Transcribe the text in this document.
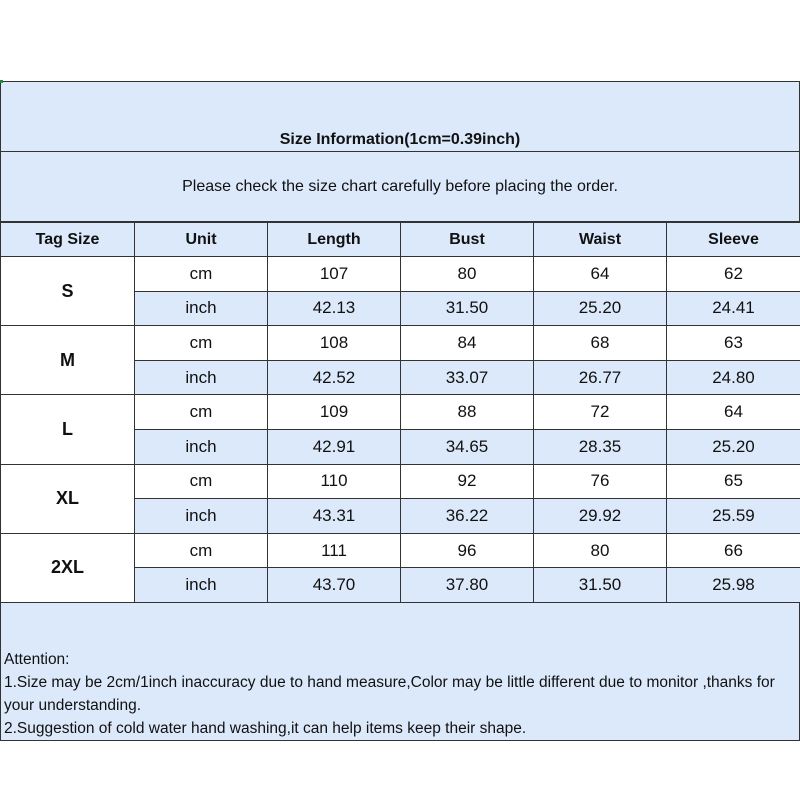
Size Information(1cm=0.39inch)
Please check the size chart carefully before placing the order.
Tag Size	Unit	Length	Bust	Waist	Sleeve
S	cm	107	80	64	62
	inch	42.13	31.50	25.20	24.41
M	cm	108	84	68	63
	inch	42.52	33.07	26.77	24.80
L	cm	109	88	72	64
	inch	42.91	34.65	28.35	25.20
XL	cm	110	92	76	65
	inch	43.31	36.22	29.92	25.59
2XL	cm	111	96	80	66
	inch	43.70	37.80	31.50	25.98
Attention:
1.Size may be 2cm/1inch inaccuracy due to hand measure,Color may be little different due to monitor ,thanks for your understanding.
2.Suggestion of cold water hand washing,it can help items keep their shape.
